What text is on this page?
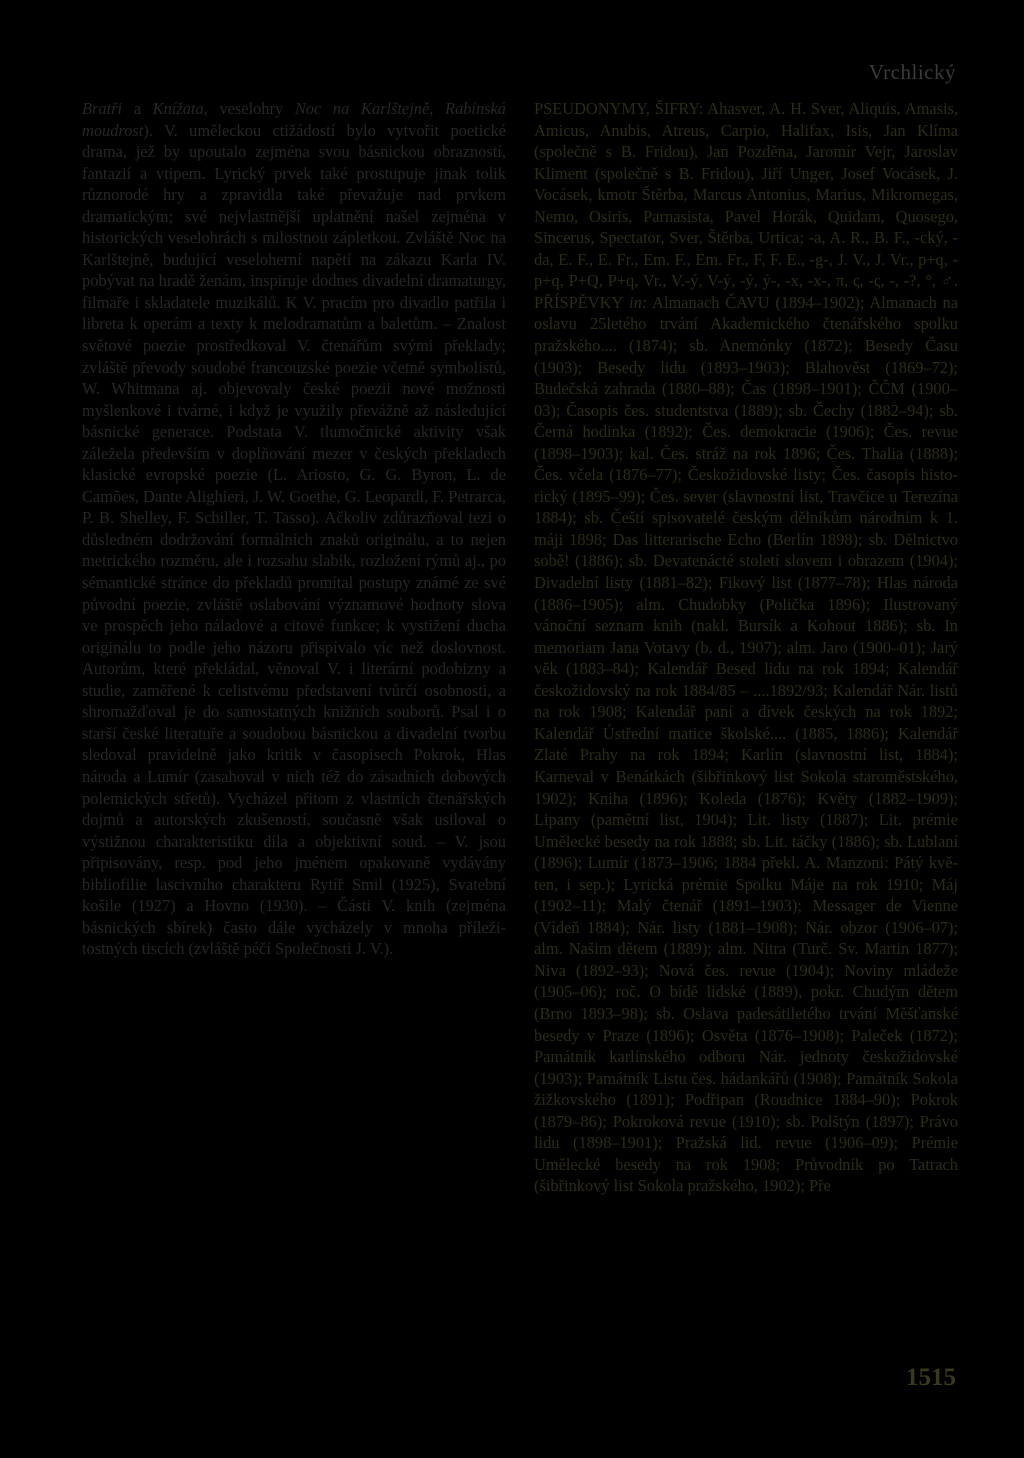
Vrchlický
Bratři a Knížata, veselohry Noc na Karlštejně, Rabínská moudrost). V. uměleckou ctižádostí bylo vytvořit poetické drama, jež by upoutalo zejména svou básnickou obrazností, fantazií a vtipem. Lyrický prvek také prostupuje jinak tolik různorodé hry a zpravidla také převažuje nad prvkem dramatickým; své nejvlastnější uplatnění našel zejména v historických veselohrách s milostnou zápletkou. Zvláště Noc na Karlštejně, budující veseloherní napětí na zákazu Karla IV. pobývat na hradě ženám, inspiruje dodnes divadelní dramaturgy, filmaře i skladatele muzikálů. K V. pracím pro divadlo patřila i libreta k operám a texty k melodramatům a baletům. – Znalost světové poezie prostředkoval V. čtenářům svými překlady; zvláště převody soudobé francouzské poezie včetně symbolistů, W. Whitmana aj. objevovaly české poezii nové možnosti myšlenkové i tvárné, i když je využily převážně až následující básnické generace. Podstata V. tlumočnické aktivity však záležela především v doplňování mezer v českých překladech klasické evropské poezie (L. Ariosto, G. G. Byron, L. de Camões, Dante Alighieri, J. W. Goethe, G. Leopardi, F. Petrarca, P. B. Shelley, F. Schiller, T. Tasso). Ačkoliv zdůrazňoval tezi o důsledném dodržování formálních znaků originálu, a to nejen metrického rozměru, ale i rozsahu slabik, rozložení rýmů aj., po sémantické stránce do překladů promítal postupy známé ze své původní poezie, zvláště oslabování významové hodnoty slova ve prospěch jeho náladové a citové funkce; k vystižení ducha originálu to podle jeho názoru přispívalo víc než doslovnost. Autorům, které překládal, věnoval V. i literární podobizny a studie, zaměřené k celistvému představení tvůrčí osobnosti, a shromažďoval je do samostatných knižních souborů. Psal i o starší české literatuře a soudobou básnickou a divadelní tvorbu sledoval pravidelně jako kritik v časopisech Pokrok, Hlas národa a Lumír (zasahoval v nich též do zásadních dobových polemických střetů). Vycházel přitom z vlastních čtenářských dojmů a autorských zkušeností, současně však usiloval o výstižnou charakteristiku díla a objektivní soud. – V. jsou připisovány, resp. pod jeho jménem opakovaně vydávány bibliofilie lascivního charakteru Rytíř Smil (1925), Svatební košile (1927) a Hovno (1930). – Části V. knih (zejména básnických sbírek) často dále vycházely v mnoha příležitostných tiscích (zvláště péčí Společnosti J. V.).
PSEUDONYMY, ŠIFRY: Ahasver, A. H. Sver, Aliquis, Amasis, Amicus, Anubis, Atreus, Carpio, Halifax, Isis, Jan Klíma (společně s B. Fridou), Jan Pozděna, Jaromír Vejr, Jaroslav Kliment (společně s B. Fridou), Jiří Unger, Josef Vocásek, J. Vocásek, kmotr Štěrba, Marcus Antonius, Marius, Mikromegas, Nemo, Osiris, Parnasista, Pavel Horák, Quidam, Quosego, Sincerus, Spectator, Sver, Štěrba, Urtica; -a, A. R., B. F., -cký, -da, E. F., E. Fr., Em. F., Em. Fr., F, F. E., -g-, J. V., J. Vr., p+q, -p+q, P+Q, P+q, Vr., V.-ý, V-ý, -ý, ý-, -x, -x-, π, ς, -ς, -, -?, °, ♂. PŘÍSPĚVKY in: Almanach ČAVU (1894–1902); Almanach na oslavu 25letého trvání Akademického čtenářského spolku pražského.... (1874); sb. Anemónky (1872); Besedy Času (1903); Besedy lidu (1893–1903); Blahověst (1869–72); Budečská zahrada (1880–88); Čas (1898–1901); ČČM (1900–03); Časopis čes. studentstva (1889); sb. Čechy (1882–94); sb. Černá hodinka (1892); Čes. demokracie (1906); Čes. revue (1898–1903); kal. Čes. stráž na rok 1896; Čes. Thalia (1888); Čes. včela (1876–77); Českožidovské listy; Čes. časopis historický (1895–99); Čes. sever (slavnostní list, Travčice u Terezína 1884); sb. Čeští spisovatelé českým dělníkům národním k 1. máji 1898; Das litterarische Echo (Berlín 1898); sb. Dělnictvo sobě! (1886); sb. Devatenácté století slovem i obrazem (1904); Divadelní listy (1881–82); Fikový list (1877–78); Hlas národa (1886–1905); alm. Chudobky (Polička 1896); Ilustrovaný vánoční seznam knih (nakl. Bursík a Kohout 1886); sb. In memoriam Jana Votavy (b. d., 1907); alm. Jaro (1900–01); Jarý věk (1883–84); Kalendář Besed lidu na rok 1894; Kalendář českožidovský na rok 1884/85 – ....1892/93; Kalendář Nár. listů na rok 1908; Kalendář paní a dívek českých na rok 1892; Kalendář Ústřední matice školské.... (1885, 1886); Kalendář Zlaté Prahy na rok 1894; Karlín (slavnostní list, 1884); Karneval v Benátkách (šibřinkový list Sokola staroměstského, 1902); Kniha (1896); Koleda (1876); Květy (1882–1909); Lipany (pamětní list, 1904); Lit. listy (1887); Lit. prémie Umělecké besedy na rok 1888; sb. Lit. táčky (1886); sb. Lublaní (1896); Lumír (1873–1906; 1884 překl. A. Manzoni: Pátý květen, i sep.); Lyrická prémie Spolku Máje na rok 1910; Máj (1902–11); Malý čtenář (1891–1903); Messager de Vienne (Vídeň 1884); Nár. listy (1881–1908); Nár. obzor (1906–07); alm. Našim dětem (1889); alm. Nitra (Turč. Sv. Martin 1877); Niva (1892–93); Nová čes. revue (1904); Noviny mládeže (1905–06); roč. O bídě lidské (1889), pokr. Chudým dětem (Brno 1893–98); sb. Oslava padesátiletého trvání Měšťanské besedy v Praze (1896); Osvěta (1876–1908); Paleček (1872); Památník karlínského odboru Nár. jednoty českožidovské (1903); Památník Listu čes. hádankářů (1908); Památník Sokola žižkovského (1891); Podřipan (Roudnice 1884–90); Pokrok (1879–86); Pokroková revue (1910); sb. Polštýn (1897); Právo lidu (1898–1901); Pražská lid. revue (1906–09); Prémie Umělecké besedy na rok 1908; Průvodník po Tatrach (šibřinkový list Sokola pražského, 1902); Pře
1515
